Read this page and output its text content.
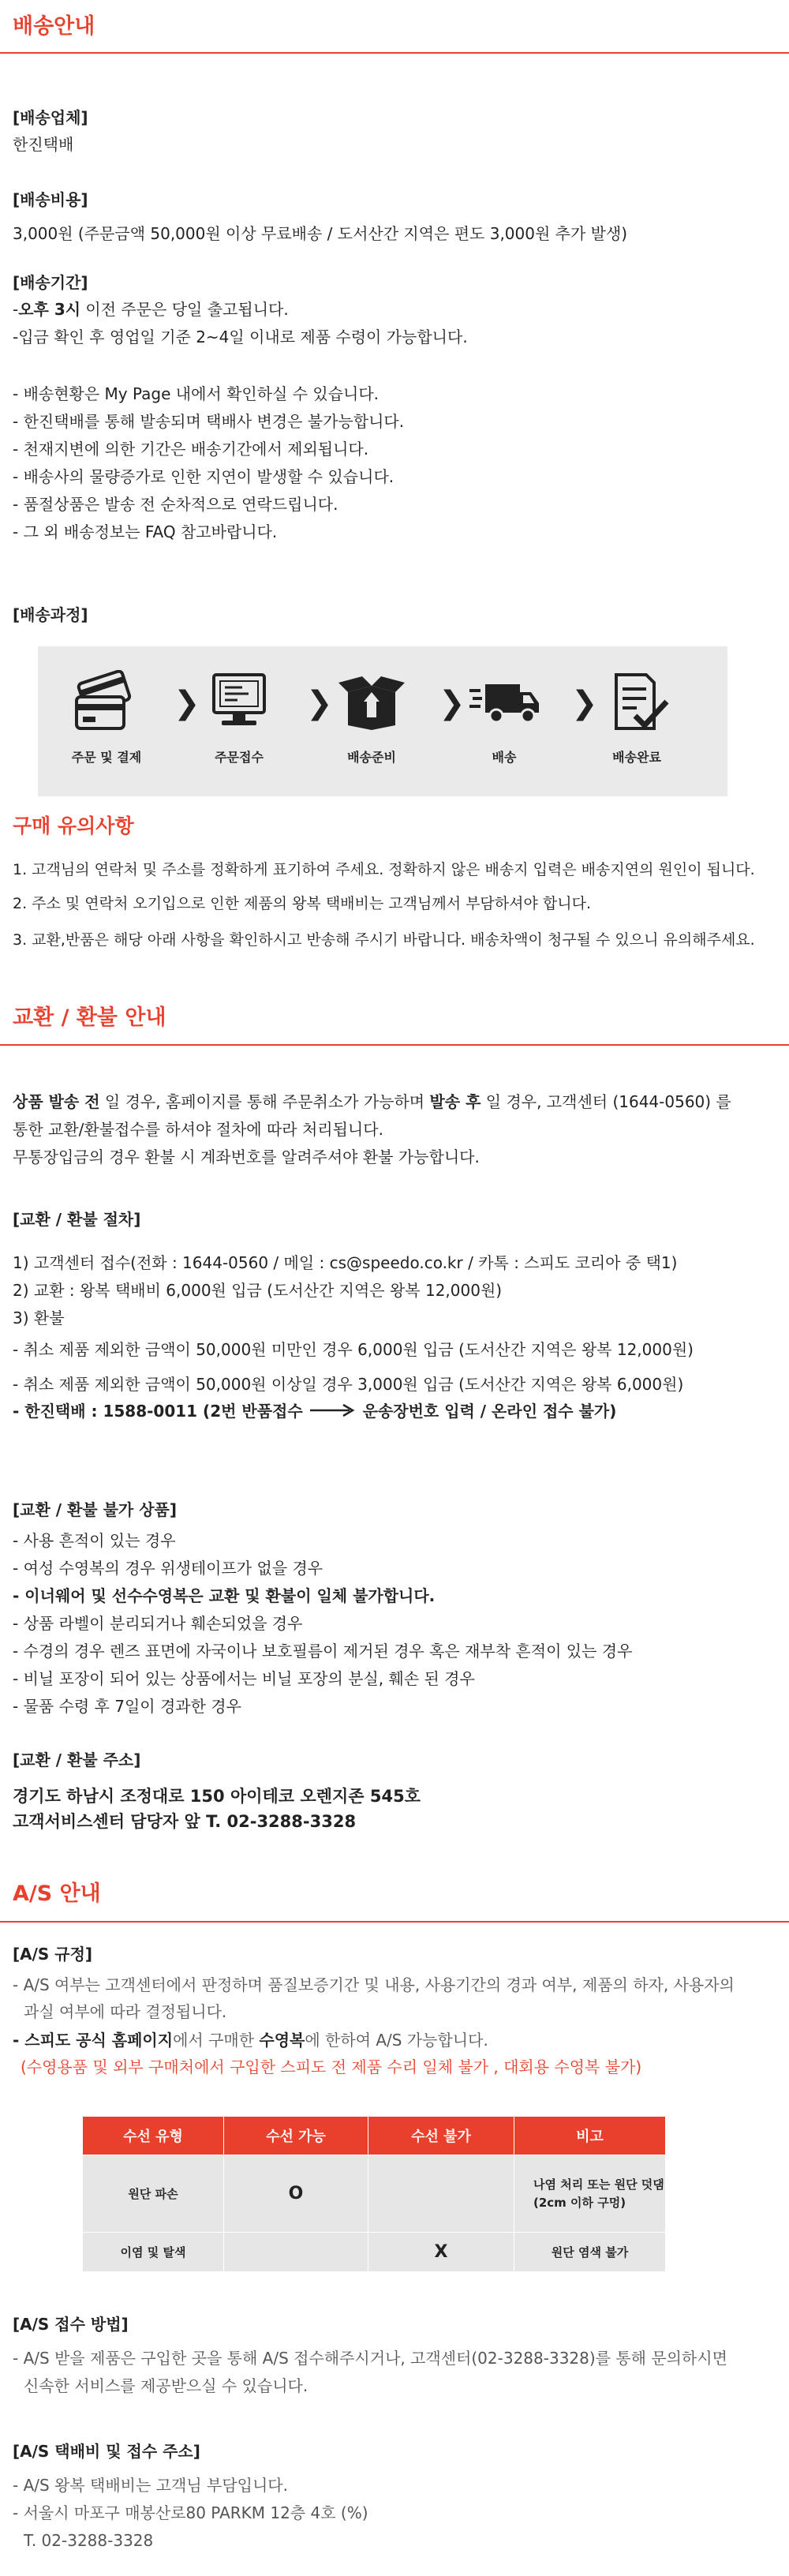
배송안내

[배송업체]

한진택배

[배송비용]

3,000원 (주문금액 50,000원 이상 무료배송 / 도서산간 지역은 편도 3,000원 추가 발생)

[배송기간]

-오후 3시 이전 주문은 당일 출고됩니다.

-입금 확인 후 영업일 기준 2~4일 이내로 제품 수령이 가능합니다.

- 배송현황은 My Page 내에서 확인하실 수 있습니다.

- 한진택배를 통해 발송되며 택배사 변경은 불가능합니다.

- 천재지변에 의한 기간은 배송기간에서 제외됩니다.

- 배송사의 물량증가로 인한 지연이 발생할 수 있습니다.

- 품절상품은 발송 전 순차적으로 연락드립니다.

- 그 외 배송정보는 FAQ 참고바랍니다.

[배송과정]

주문 및 결제
❯
주문접수
❯
배송준비
❯
배송
❯
배송완료
구매 유의사항

1. 고객님의 연락처 및 주소를 정확하게 표기하여 주세요. 정확하지 않은 배송지 입력은 배송지연의 원인이 됩니다.

2. 주소 및 연락처 오기입으로 인한 제품의 왕복 택배비는 고객님께서 부담하셔야 합니다.

3. 교환,반품은 해당 아래 사항을 확인하시고 반송해 주시기 바랍니다. 배송차액이 청구될 수 있으니 유의해주세요.

교환 / 환불 안내

상품 발송 전 일 경우, 홈페이지를 통해 주문취소가 가능하며 발송 후 일 경우, 고객센터 (1644-0560) 를

통한 교환/환불접수를 하셔야 절차에 따라 처리됩니다.

무통장입금의 경우 환불 시 계좌번호를 알려주셔야 환불 가능합니다.

[교환 / 환불 절차]

1) 고객센터 접수(전화 : 1644-0560 / 메일 : cs@speedo.co.kr / 카톡 : 스피도 코리아 중 택1)

2) 교환 : 왕복 택배비 6,000원 입금 (도서산간 지역은 왕복 12,000원)

3) 환불

- 취소 제품 제외한 금액이 50,000원 미만인 경우 6,000원 입금 (도서산간 지역은 왕복 12,000원)

- 취소 제품 제외한 금액이 50,000원 이상일 경우 3,000원 입금 (도서산간 지역은 왕복 6,000원)

- 한진택배 : 1588-0011 (2번 반품접수	운송장번호 입력 / 온라인 접수 불가)

[교환 / 환불 불가 상품]

- 사용 흔적이 있는 경우

- 여성 수영복의 경우 위생테이프가 없을 경우

- 이너웨어 및 선수수영복은 교환 및 환불이 일체 불가합니다.

- 상품 라벨이 분리되거나 훼손되었을 경우

- 수경의 경우 렌즈 표면에 자국이나 보호필름이 제거된 경우 혹은 재부착 흔적이 있는 경우

- 비닐 포장이 되어 있는 상품에서는 비닐 포장의 분실, 훼손 된 경우

- 물품 수령 후 7일이 경과한 경우

[교환 / 환불 주소]

경기도 하남시 조정대로 150 아이테코 오렌지존 545호

고객서비스센터 담당자 앞 T. 02-3288-3328

A/S 안내

[A/S 규정]

- A/S 여부는 고객센터에서 판정하며 품질보증기간 및 내용, 사용기간의 경과 여부, 제품의 하자, 사용자의

과실 여부에 따라 결정됩니다.

- 스피도 공식 홈페이지에서 구매한 수영복에 한하여 A/S 가능합니다.

(수영용품 및 외부 구매처에서 구입한 스피도 전 제품 수리 일체 불가 , 대회용 수영복 불가)

수선 유형	수선 가능	수선 불가	비고
원단 파손	O		나염 처리 또는 원단 덧댐 (2cm 이하 구멍)
이염 및 탈색		X	원단 염색 불가

[A/S 접수 방법]

- A/S 받을 제품은 구입한 곳을 통해 A/S 접수해주시거나, 고객센터(02-3288-3328)를 통해 문의하시면

신속한 서비스를 제공받으실 수 있습니다.

[A/S 택배비 및 접수 주소]

- A/S 왕복 택배비는 고객님 부담입니다.

- 서울시 마포구 매봉산로80 PARKM 12층 4호 (%)

T. 02-3288-3328
